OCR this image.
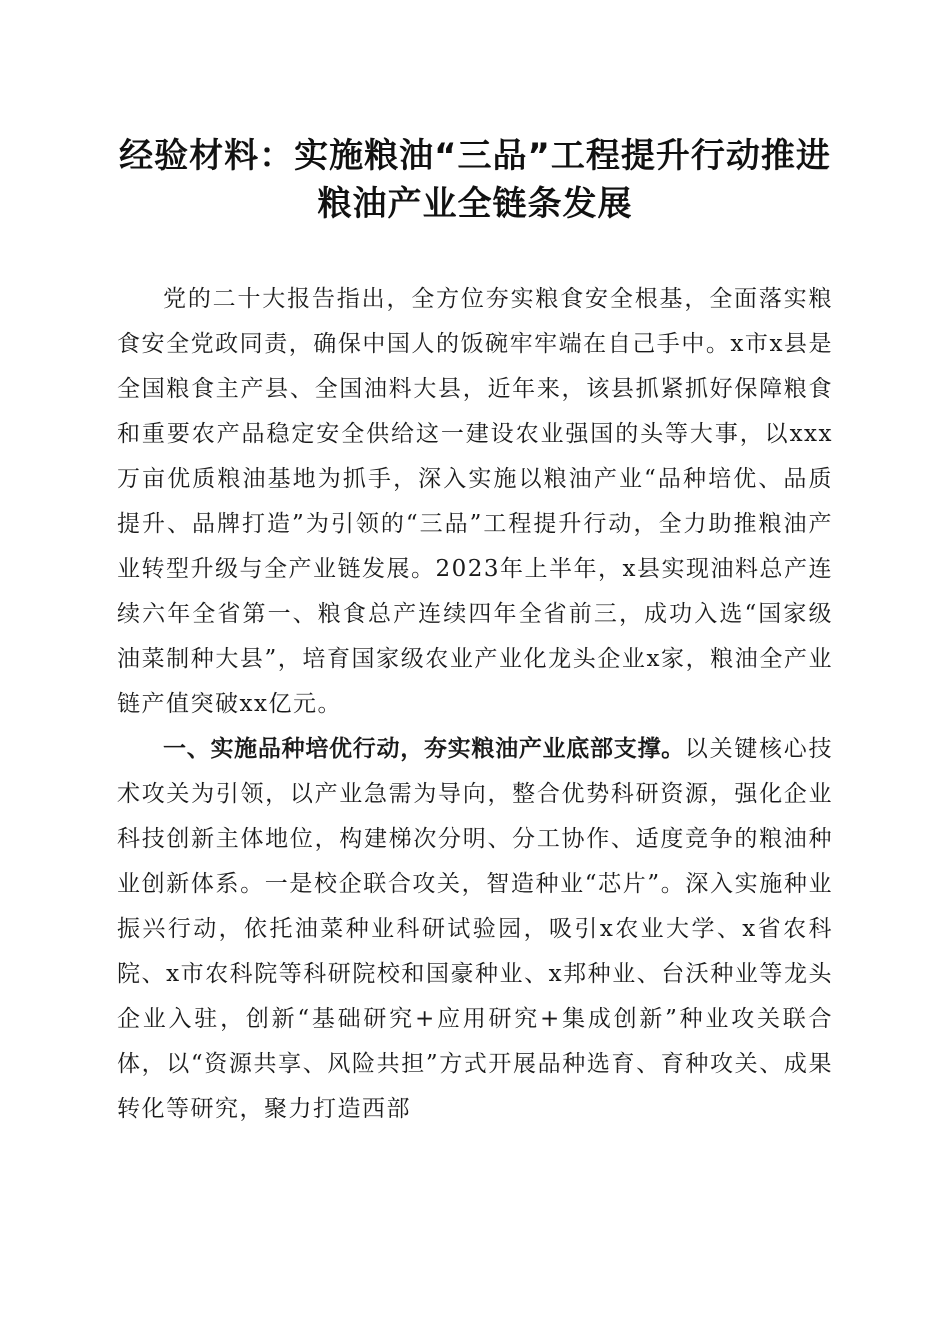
经验材料：实施粮油“三品”工程提升行动推进粮油产业全链条发展

党的二十大报告指出，全方位夯实粮食安全根基，全面落实粮食安全党政同责，确保中国人的饭碗牢牢端在自己手中。x市x县是全国粮食主产县、全国油料大县，近年来，该县抓紧抓好保障粮食和重要农产品稳定安全供给这一建设农业强国的头等大事，以xxx万亩优质粮油基地为抓手，深入实施以粮油产业“品种培优、品质提升、品牌打造”为引领的“三品”工程提升行动，全力助推粮油产业转型升级与全产业链发展。2023年上半年，x县实现油料总产连续六年全省第一、粮食总产连续四年全省前三，成功入选“国家级油菜制种大县”，培育国家级农业产业化龙头企业x家，粮油全产业链产值突破xx亿元。

一、实施品种培优行动，夯实粮油产业底部支撑。以关键核心技术攻关为引领，以产业急需为导向，整合优势科研资源，强化企业科技创新主体地位，构建梯次分明、分工协作、适度竞争的粮油种业创新体系。一是校企联合攻关，智造种业“芯片”。深入实施种业振兴行动，依托油菜种业科研试验园，吸引x农业大学、x省农科院、x市农科院等科研院校和国豪种业、x邦种业、台沃种业等龙头企业入驻，创新“基础研究+应用研究+集成创新”种业攻关联合体，以“资源共享、风险共担”方式开展品种选育、育种攻关、成果转化等研究，聚力打造西部
